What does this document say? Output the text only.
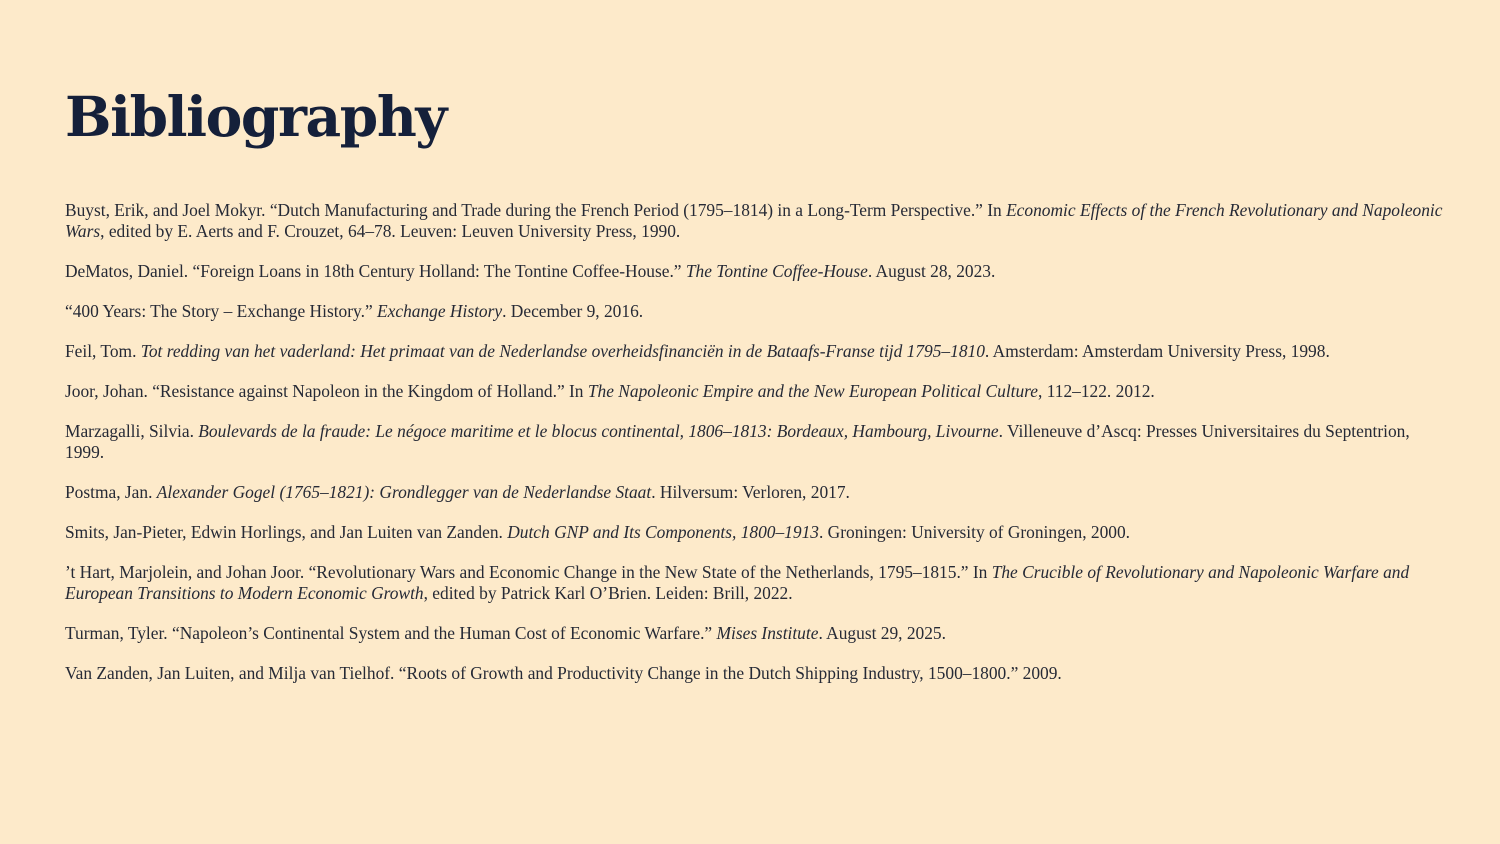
Bibliography

Buyst, Erik, and Joel Mokyr. “Dutch Manufacturing and Trade during the French Period (1795–1814) in a Long-Term Perspective.” In Economic Effects of the French Revolutionary and Napoleonic Wars, edited by E. Aerts and F. Crouzet, 64–78. Leuven: Leuven University Press, 1990.

DeMatos, Daniel. “Foreign Loans in 18th Century Holland: The Tontine Coffee-House.” The Tontine Coffee-House. August 28, 2023.

“400 Years: The Story – Exchange History.” Exchange History. December 9, 2016.

Feil, Tom. Tot redding van het vaderland: Het primaat van de Nederlandse overheidsfinanciën in de Bataafs-Franse tijd 1795–1810. Amsterdam: Amsterdam University Press, 1998.

Joor, Johan. “Resistance against Napoleon in the Kingdom of Holland.” In The Napoleonic Empire and the New European Political Culture, 112–122. 2012.

Marzagalli, Silvia. Boulevards de la fraude: Le négoce maritime et le blocus continental, 1806–1813: Bordeaux, Hambourg, Livourne. Villeneuve d’Ascq: Presses Universitaires du Septentrion, 1999.

Postma, Jan. Alexander Gogel (1765–1821): Grondlegger van de Nederlandse Staat. Hilversum: Verloren, 2017.

Smits, Jan-Pieter, Edwin Horlings, and Jan Luiten van Zanden. Dutch GNP and Its Components, 1800–1913. Groningen: University of Groningen, 2000.

’t Hart, Marjolein, and Johan Joor. “Revolutionary Wars and Economic Change in the New State of the Netherlands, 1795–1815.” In The Crucible of Revolutionary and Napoleonic Warfare and European Transitions to Modern Economic Growth, edited by Patrick Karl O’Brien. Leiden: Brill, 2022.

Turman, Tyler. “Napoleon’s Continental System and the Human Cost of Economic Warfare.” Mises Institute. August 29, 2025.

Van Zanden, Jan Luiten, and Milja van Tielhof. “Roots of Growth and Productivity Change in the Dutch Shipping Industry, 1500–1800.” 2009.
